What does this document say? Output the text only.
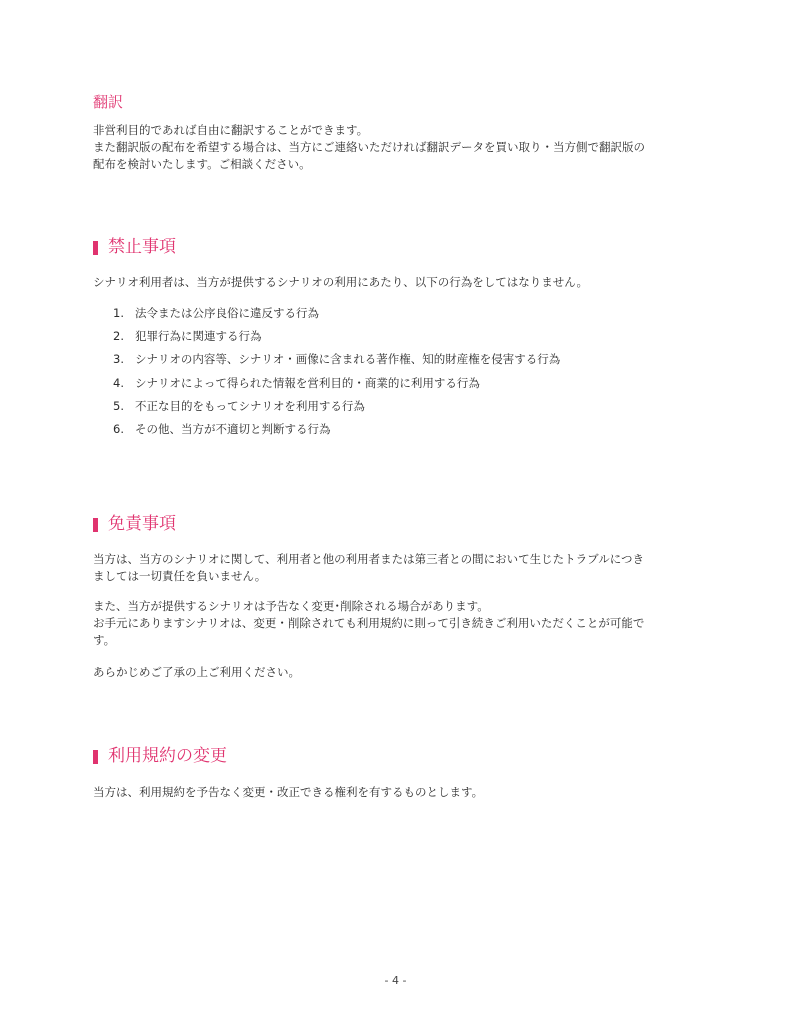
翻訳

非営利目的であれば自由に翻訳することができます。

また翻訳版の配布を希望する場合は、当方にご連絡いただければ翻訳データを買い取り・当方側で翻訳版の

配布を検討いたします。ご相談ください。

禁止事項

シナリオ利用者は、当方が提供するシナリオの利用にあたり、以下の行為をしてはなりません。

1. 法令または公序良俗に違反する行為
2. 犯罪行為に関連する行為
3. シナリオの内容等、シナリオ・画像に含まれる著作権、知的財産権を侵害する行為
4. シナリオによって得られた情報を営利目的・商業的に利用する行為
5. 不正な目的をもってシナリオを利用する行為
6. その他、当方が不適切と判断する行為
免責事項

当方は、当方のシナリオに関して、利用者と他の利用者または第三者との間において生じたトラブルにつき

ましては一切責任を負いません。

また、当方が提供するシナリオは予告なく変更･削除される場合があります。

お手元にありますシナリオは、変更・削除されても利用規約に則って引き続きご利用いただくことが可能で

す。

あらかじめご了承の上ご利用ください。

利用規約の変更

当方は、利用規約を予告なく変更・改正できる権利を有するものとします。

- 4 -
